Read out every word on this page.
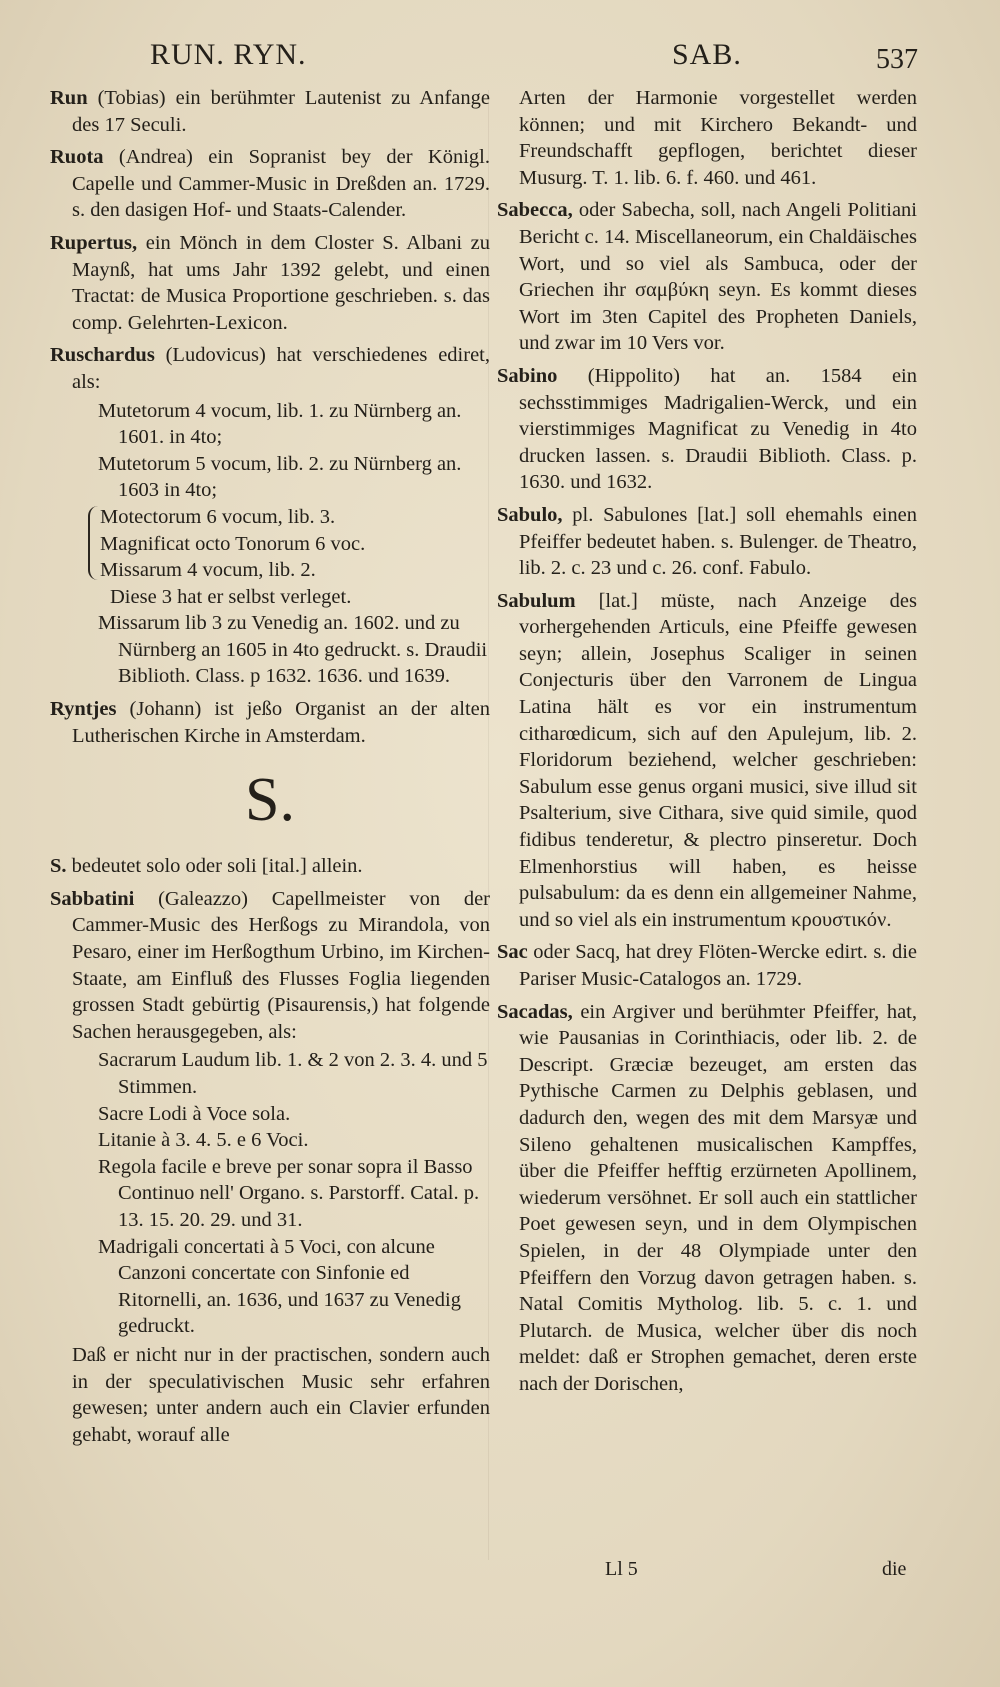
RUN. RYN.	SAB.	537

Run (Tobias) ein berühmter Lautenist zu Anfange des 17 Seculi.

Ruota (Andrea) ein Sopranist bey der Königl. Capelle und Cammer-Music in Dreßden an. 1729. s. den dasigen Hof- und Staats-Calender.

Rupertus, ein Mönch in dem Closter S. Albani zu Maynß, hat ums Jahr 1392 gelebt, und einen Tractat: de Musica Proportione geschrieben. s. das comp. Gelehrten-Lexicon.

Ruschardus (Ludovicus) hat verschiedenes ediret, als:

Mutetorum 4 vocum, lib. 1. zu Nürnberg an. 1601. in 4to;
Mutetorum 5 vocum, lib. 2. zu Nürnberg an. 1603 in 4to;
Motectorum 6 vocum, lib. 3.
Magnificat octo Tonorum 6 voc.
Missarum 4 vocum, lib. 2.
Diese 3 hat er selbst verleget.
Missarum lib 3 zu Venedig an. 1602. und zu Nürnberg an 1605 in 4to gedruckt. s. Draudii Biblioth. Class. p 1632. 1636. und 1639.

Ryntjes (Johann) ist jeßo Organist an der alten Lutherischen Kirche in Amsterdam.

S.

S. bedeutet solo oder soli [ital.] allein.

Sabbatini (Galeazzo) Capellmeister von der Cammer-Music des Herßogs zu Mirandola, von Pesaro, einer im Herßogthum Urbino, im Kirchen-Staate, am Einfluß des Flusses Foglia liegenden grossen Stadt gebürtig (Pisaurensis,) hat folgende Sachen herausgegeben, als:

Sacrarum Laudum lib. 1. & 2 von 2. 3. 4. und 5 Stimmen.
Sacre Lodi à Voce sola.
Litanie à 3. 4. 5. e 6 Voci.
Regola facile e breve per sonar sopra il Basso Continuo nell' Organo. s. Parstorff. Catal. p. 13. 15. 20. 29. und 31.
Madrigali concertati à 5 Voci, con alcune Canzoni concertate con Sinfonie ed Ritornelli, an. 1636, und 1637 zu Venedig gedruckt.

Daß er nicht nur in der practischen, sondern auch in der speculativischen Music sehr erfahren gewesen; unter andern auch ein Clavier erfunden gehabt, worauf alle

Arten der Harmonie vorgestellet werden können; und mit Kirchero Bekandt- und Freundschafft gepflogen, berichtet dieser Musurg. T. 1. lib. 6. f. 460. und 461.

Sabecca, oder Sabecha, soll, nach Angeli Politiani Bericht c. 14. Miscellaneorum, ein Chaldäisches Wort, und so viel als Sambuca, oder der Griechen ihr σαμβύκη seyn. Es kommt dieses Wort im 3ten Capitel des Propheten Daniels, und zwar im 10 Vers vor.

Sabino (Hippolito) hat an. 1584 ein sechsstimmiges Madrigalien-Werck, und ein vierstimmiges Magnificat zu Venedig in 4to drucken lassen. s. Draudii Biblioth. Class. p. 1630. und 1632.

Sabulo, pl. Sabulones [lat.] soll ehemahls einen Pfeiffer bedeutet haben. s. Bulenger. de Theatro, lib. 2. c. 23 und c. 26. conf. Fabulo.

Sabulum [lat.] müste, nach Anzeige des vorhergehenden Articuls, eine Pfeiffe gewesen seyn; allein, Josephus Scaliger in seinen Conjecturis über den Varronem de Lingua Latina hält es vor ein instrumentum citharœdicum, sich auf den Apulejum, lib. 2. Floridorum beziehend, welcher geschrieben: Sabulum esse genus organi musici, sive illud sit Psalterium, sive Cithara, sive quid simile, quod fidibus tenderetur, & plectro pinseretur. Doch Elmenhorstius will haben, es heisse pulsabulum: da es denn ein allgemeiner Nahme, und so viel als ein instrumentum κρουστικόν.

Sac oder Sacq, hat drey Flöten-Wercke edirt. s. die Pariser Music-Catalogos an. 1729.

Sacadas, ein Argiver und berühmter Pfeiffer, hat, wie Pausanias in Corinthiacis, oder lib. 2. de Descript. Græciæ bezeuget, am ersten das Pythische Carmen zu Delphis geblasen, und dadurch den, wegen des mit dem Marsyæ und Sileno gehaltenen musicalischen Kampffes, über die Pfeiffer hefftig erzürneten Apollinem, wiederum versöhnet. Er soll auch ein stattlicher Poet gewesen seyn, und in dem Olympischen Spielen, in der 48 Olympiade unter den Pfeiffern den Vorzug davon getragen haben. s. Natal Comitis Mytholog. lib. 5. c. 1. und Plutarch. de Musica, welcher über dis noch meldet: daß er Strophen gemachet, deren erste nach der Dorischen,

Ll 5	die
